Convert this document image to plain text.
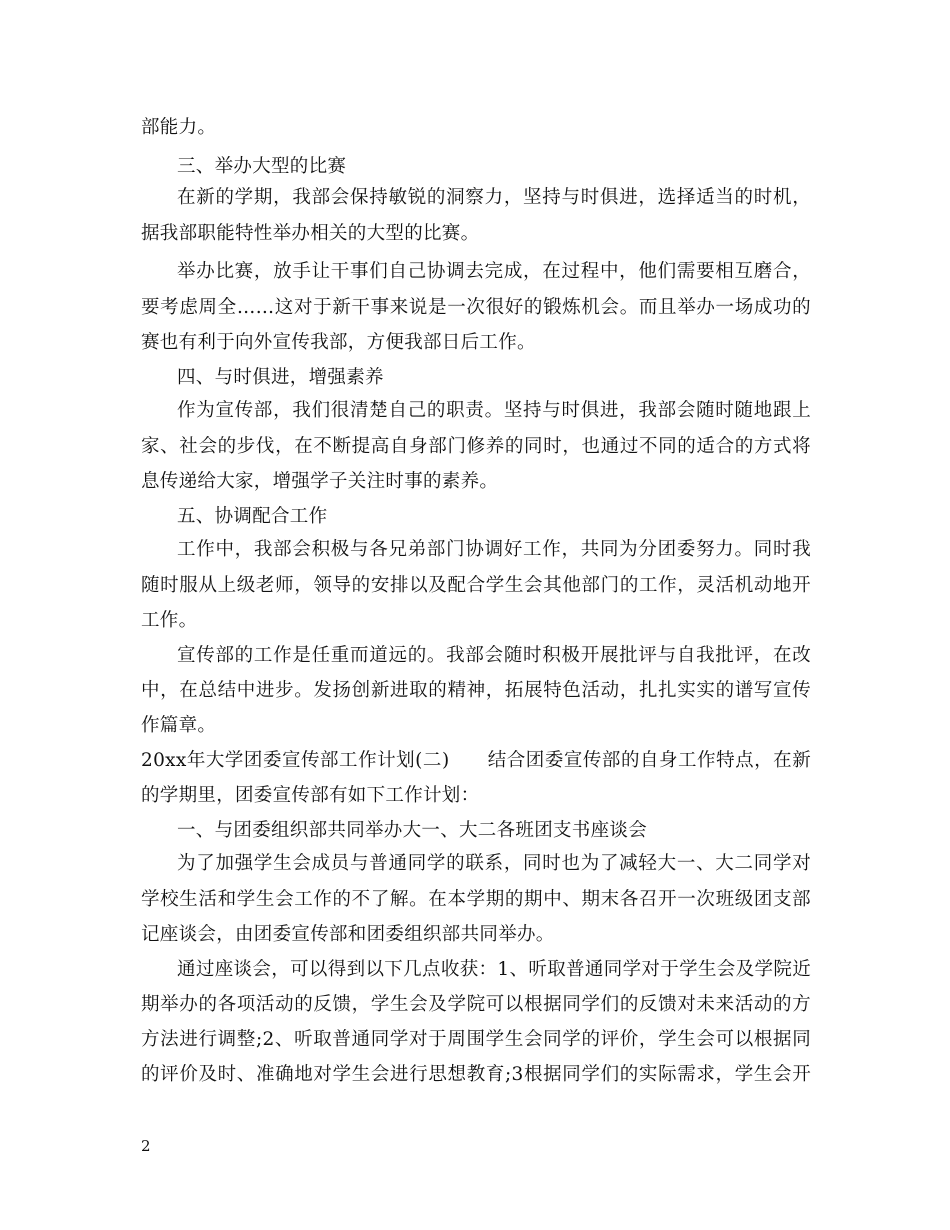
部能力。
三、举办大型的比赛
在新的学期，我部会保持敏锐的洞察力，坚持与时俱进，选择适当的时机，
据我部职能特性举办相关的大型的比赛。
举办比赛，放手让干事们自己协调去完成，在过程中，他们需要相互磨合，
要考虑周全……这对于新干事来说是一次很好的锻炼机会。而且举办一场成功的
赛也有利于向外宣传我部，方便我部日后工作。
四、与时俱进，增强素养
作为宣传部，我们很清楚自己的职责。坚持与时俱进，我部会随时随地跟上
家、社会的步伐，在不断提高自身部门修养的同时，也通过不同的适合的方式将
息传递给大家，增强学子关注时事的素养。
五、协调配合工作
工作中，我部会积极与各兄弟部门协调好工作，共同为分团委努力。同时我
随时服从上级老师，领导的安排以及配合学生会其他部门的工作，灵活机动地开
工作。
宣传部的工作是任重而道远的。我部会随时积极开展批评与自我批评，在改
中，在总结中进步。发扬创新进取的精神，拓展特色活动，扎扎实实的谱写宣传
作篇章。
20xx年大学团委宣传部工作计划(二)　　结合团委宣传部的自身工作特点，在新
的学期里，团委宣传部有如下工作计划：
一、与团委组织部共同举办大一、大二各班团支书座谈会
为了加强学生会成员与普通同学的联系，同时也为了减轻大一、大二同学对
学校生活和学生会工作的不了解。在本学期的期中、期末各召开一次班级团支部
记座谈会，由团委宣传部和团委组织部共同举办。
通过座谈会，可以得到以下几点收获：1、听取普通同学对于学生会及学院近
期举办的各项活动的反馈，学生会及学院可以根据同学们的反馈对未来活动的方
方法进行调整;2、听取普通同学对于周围学生会同学的评价，学生会可以根据同
的评价及时、准确地对学生会进行思想教育;3根据同学们的实际需求，学生会开
2
